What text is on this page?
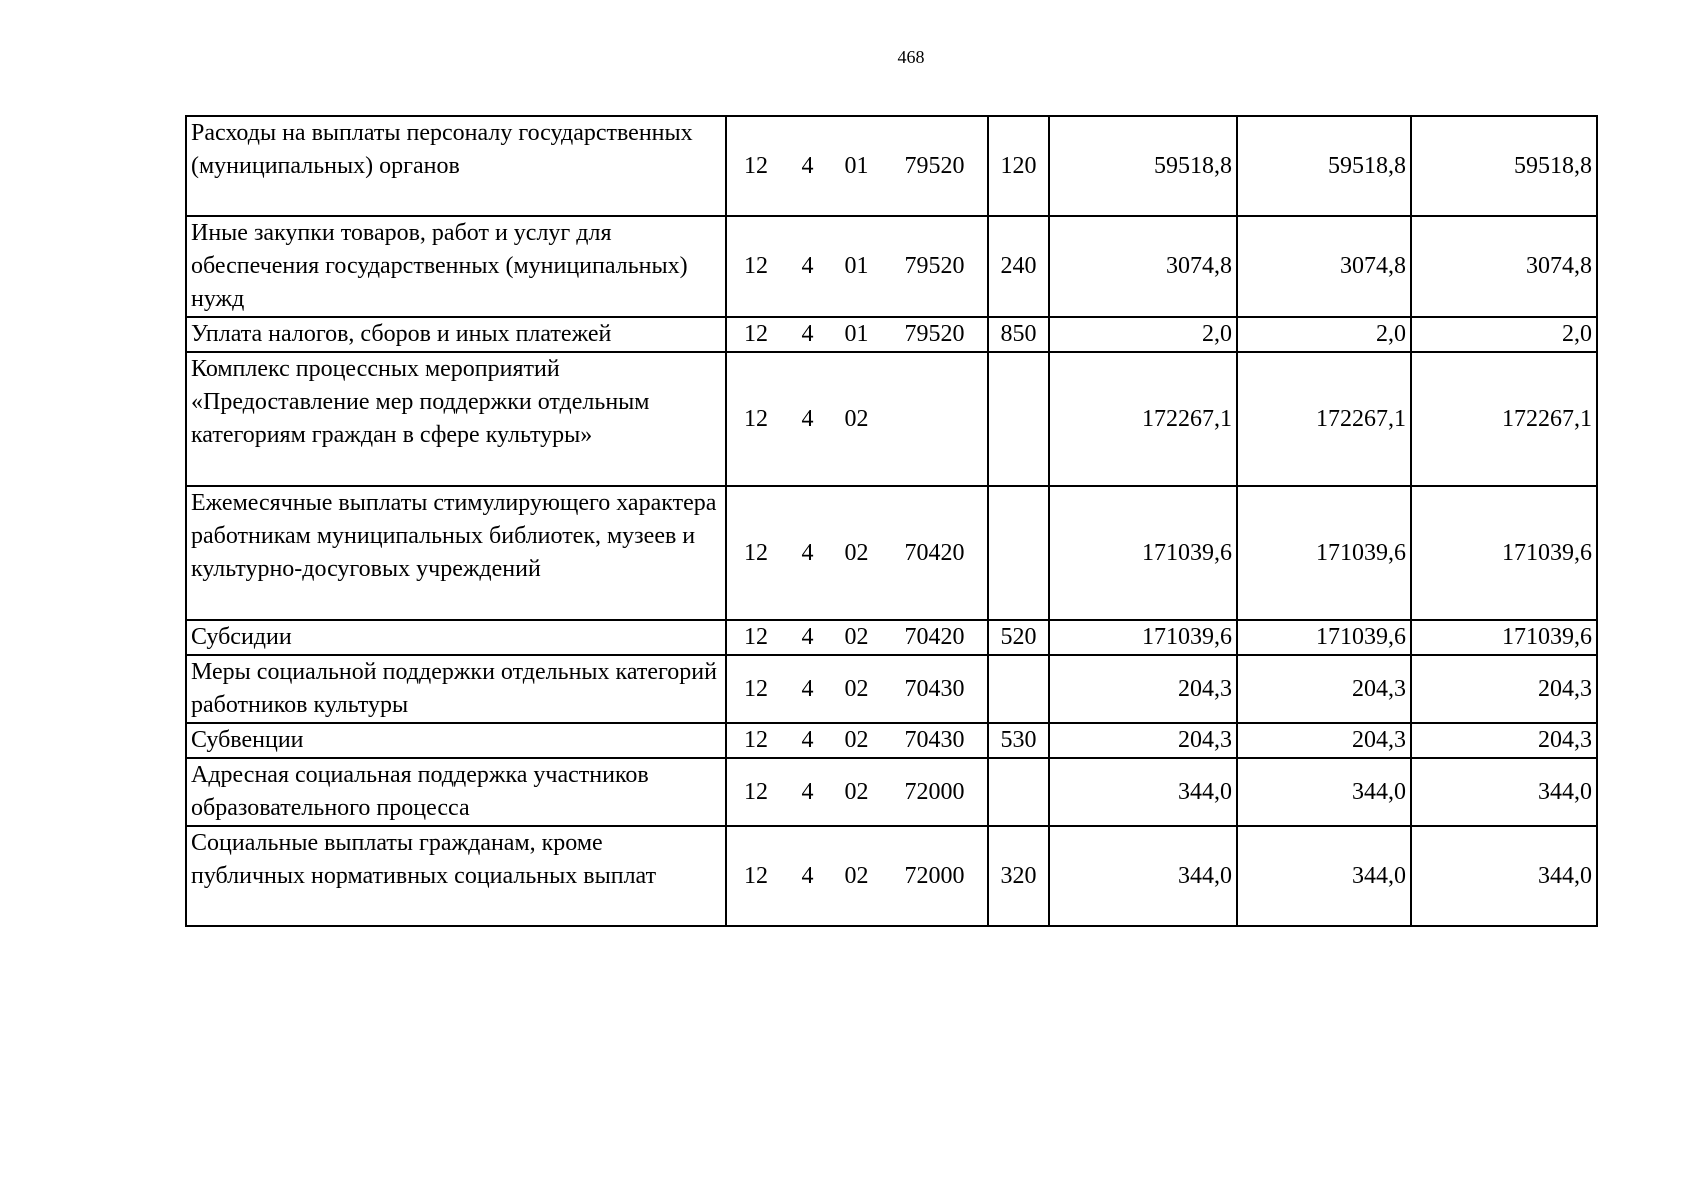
468
Расходы на выплаты персоналу государственных (муниципальных) органов	12 4 01 79520	120	59518,8	59518,8	59518,8
Иные закупки товаров, работ и услуг для обеспечения государственных (муниципальных) нужд	12 4 01 79520	240	3074,8	3074,8	3074,8
Уплата налогов, сборов и иных платежей	12 4 01 79520	850	2,0	2,0	2,0
Комплекс процессных мероприятий «Предоставление мер поддержки отдельным категориям граждан в сфере культуры»	12 4 02		172267,1	172267,1	172267,1
Ежемесячные выплаты стимулирующего характера работникам муниципальных библиотек, музеев и культурно-досуговых учреждений	12 4 02 70420		171039,6	171039,6	171039,6
Субсидии	12 4 02 70420	520	171039,6	171039,6	171039,6
Меры социальной поддержки отдельных категорий работников культуры	12 4 02 70430		204,3	204,3	204,3
Субвенции	12 4 02 70430	530	204,3	204,3	204,3
Адресная социальная поддержка участников образовательного процесса	12 4 02 72000		344,0	344,0	344,0
Социальные выплаты гражданам, кроме публичных нормативных социальных выплат	12 4 02 72000	320	344,0	344,0	344,0
